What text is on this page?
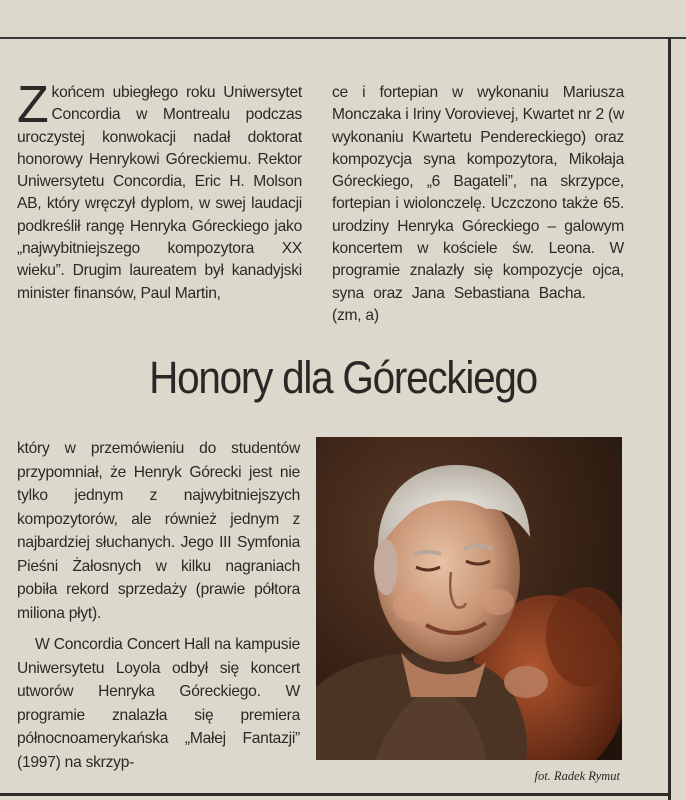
Zkońcem ubiegłego roku Uniwersytet Concordia w Montrealu podczas uroczystej konwokacji nadał doktorat honorowy Henrykowi Góreckiemu. Rektor Uniwersytetu Concordia, Eric H. Molson AB, który wręczył dyplom, w swej laudacji podkreślił rangę Henryka Góreckiego jako „najwybitniejszego kompozytora XX wieku”. Drugim laureatem był kanadyjski minister finansów, Paul Martin,

ce i fortepian w wykonaniu Mariusza Monczaka i Iriny Vorovievej, Kwartet nr 2 (w wykonaniu Kwartetu Pendereckiego) oraz kompozycja syna kompozytora, Mikołaja Góreckiego, „6 Bagateli”, na skrzypce, fortepian i wiolonczelę. Uczczono także 65. urodziny Henryka Góreckiego – galowym koncertem w kościele św. Leona. W programie znalazły się kompozycje ojca, syna oraz Jana Sebastiana Bacha.   (zm, a)

Honory dla Góreckiego

który w przemówieniu do studentów przypomniał, że Henryk Górecki jest nie tylko jednym z najwybitniejszych kompozytorów, ale również jednym z najbardziej słuchanych. Jego III Symfonia Pieśni Żałosnych w kilku nagraniach pobiła rekord sprzedaży (prawie półtora miliona płyt).

W Concordia Concert Hall na kampusie Uniwersytetu Loyola odbył się koncert utworów Henryka Góreckiego. W programie znalazła się premiera północnoamerykańska „Małej Fantazji” (1997) na skrzyp-

fot. Radek Rymut
